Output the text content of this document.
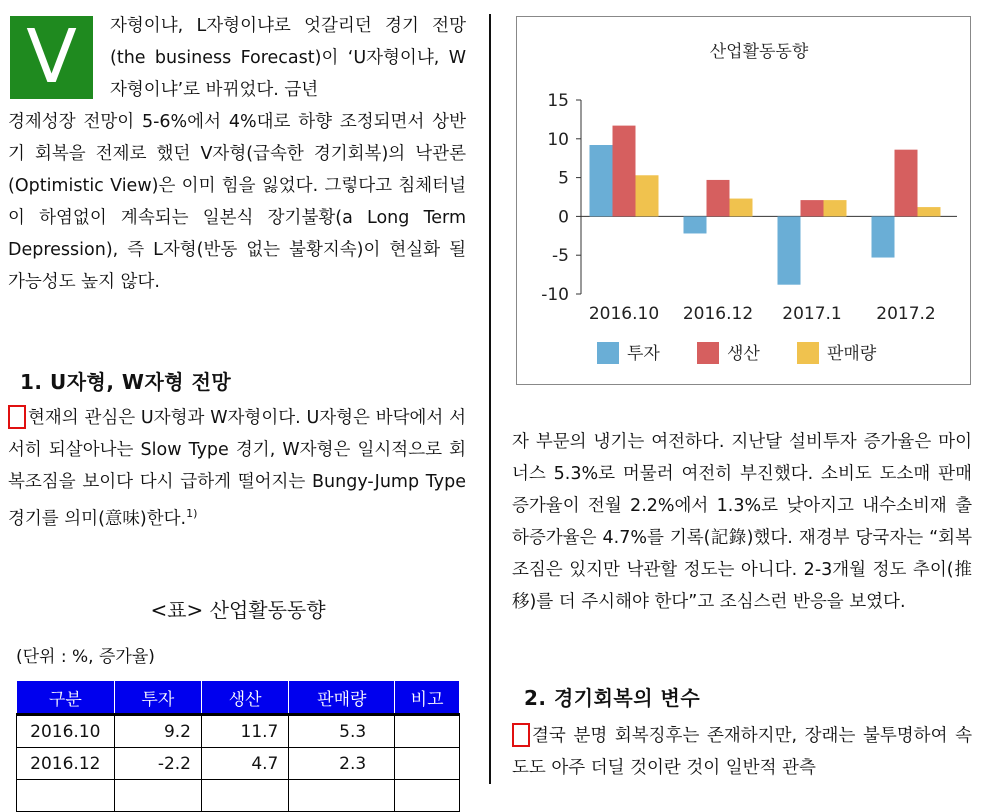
V	자형이냐, L자형이냐로 엇갈리던 경기 전망(the business Forecast)이 ‘U자형이냐, W자형이냐’로 바뀌었다. 금년
경제성장 전망이 5-6%에서 4%대로 하향 조정되면서 상반기 회복을 전제로 했던 V자형(급속한 경기회복)의 낙관론(Optimistic View)은 이미 힘을 잃었다. 그렇다고 침체터널이 하염없이 계속되는 일본식 장기불황(a Long Term Depression), 즉 L자형(반동 없는 불황지속)이 현실화 될 가능성도 높지 않다.
1. U자형, W자형 전망
현재의 관심은 U자형과 W자형이다. U자형은 바닥에서 서서히 되살아나는 Slow Type 경기, W자형은 일시적으로 회복조짐을 보이다 다시 급하게 떨어지는 Bungy-Jump Type 경기를 의미(意味)한다.$^{1)}$
<표> 산업활동동향
(단위 : %, 증가율)
구분	투자	생산	판매량	비고
2016.10	9.2	11.7	5.3	
2016.12	-2.2	4.7	2.3	

산업활동동향
15
10
5
0
-5
-10
2016.10 2016.12 2017.1 2017.2
투자	생산	판매량
자 부문의 냉기는 여전하다. 지난달 설비투자 증가율은 마이너스 5.3%로 머물러 여전히 부진했다. 소비도 도소매 판매증가율이 전월 2.2%에서 1.3%로 낮아지고 내수소비재 출하증가율은 4.7%를 기록(記錄)했다. 재경부 당국자는 “회복조짐은 있지만 낙관할 정도는 아니다. 2-3개월 정도 추이(推移)를 더 주시해야 한다”고 조심스런 반응을 보였다.
2. 경기회복의 변수
결국 분명 회복징후는 존재하지만, 장래는 불투명하여 속도도 아주 더딜 것이란 것이 일반적 관측
